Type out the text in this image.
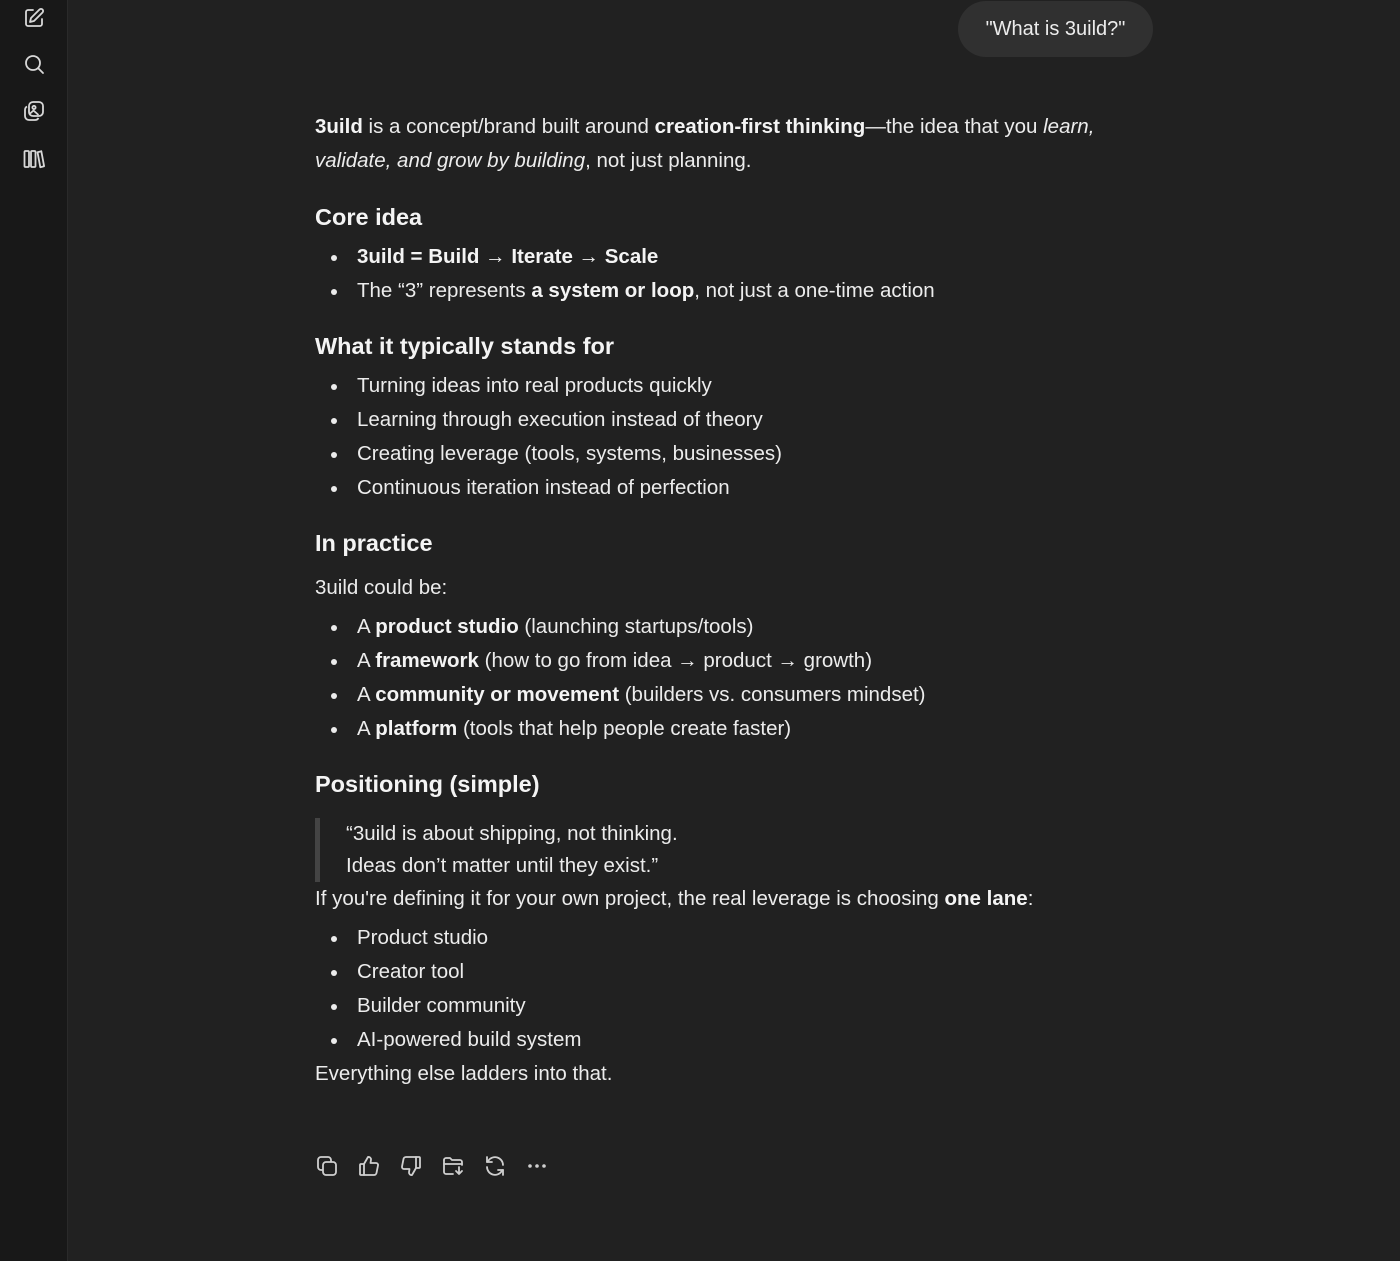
"What is 3uild?"

3uild is a concept/brand built around creation-first thinking—the idea that you learn, validate, and grow by building, not just planning.

Core idea
3uild = Build → Iterate → Scale
The “3” represents a system or loop, not just a one-time action
What it typically stands for
Turning ideas into real products quickly
Learning through execution instead of theory
Creating leverage (tools, systems, businesses)
Continuous iteration instead of perfection
In practice

3uild could be:

A product studio (launching startups/tools)
A framework (how to go from idea → product → growth)
A community or movement (builders vs. consumers mindset)
A platform (tools that help people create faster)
Positioning (simple)
“3uild is about shipping, not thinking.
Ideas don’t matter until they exist.”

If you're defining it for your own project, the real leverage is choosing one lane:

Product studio
Creator tool
Builder community
AI-powered build system

Everything else ladders into that.
